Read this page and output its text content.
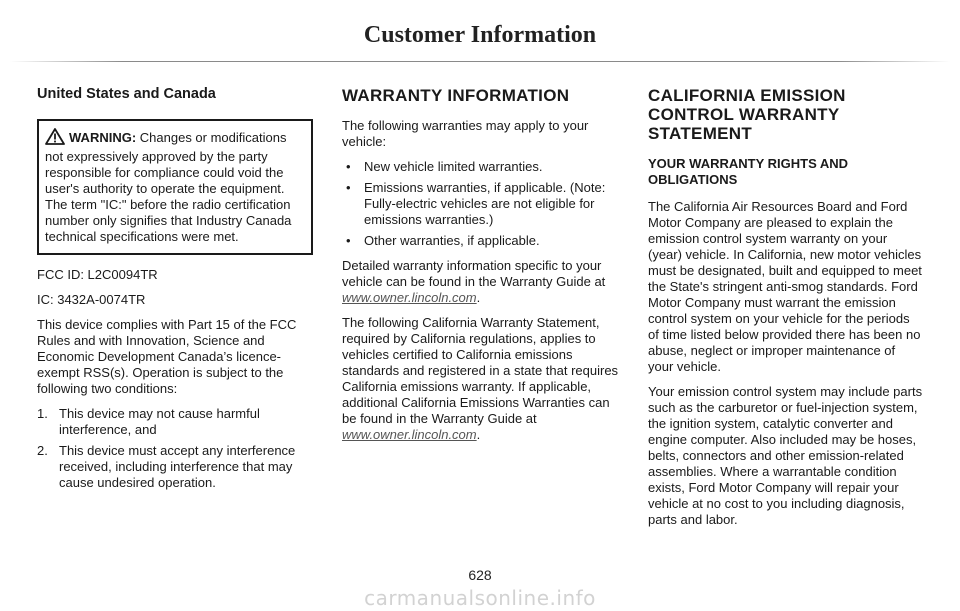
Customer Information
United States and Canada
WARNING: Changes or modifications not expressively approved by the party responsible for compliance could void the user's authority to operate the equipment. The term "IC:" before the radio certification number only signifies that Industry Canada technical specifications were met.

FCC ID: L2C0094TR

IC: 3432A-0074TR

This device complies with Part 15 of the FCC Rules and with Innovation, Science and Economic Development Canada’s licence-exempt RSS(s). Operation is subject to the following two conditions:

1. This device may not cause harmful interference, and
2. This device must accept any interference received, including interference that may cause undesired operation.
WARRANTY INFORMATION

The following warranties may apply to your vehicle:

• New vehicle limited warranties.
• Emissions warranties, if applicable. (Note: Fully-electric vehicles are not eligible for emissions warranties.)
• Other warranties, if applicable.

Detailed warranty information specific to your vehicle can be found in the Warranty Guide at www.owner.lincoln.com.

The following California Warranty Statement, required by California regulations, applies to vehicles certified to California emissions standards and registered in a state that requires California emissions warranty. If applicable, additional California Emissions Warranties can be found in the Warranty Guide at www.owner.lincoln.com.

CALIFORNIA EMISSION CONTROL WARRANTY STATEMENT
YOUR WARRANTY RIGHTS AND OBLIGATIONS

The California Air Resources Board and Ford Motor Company are pleased to explain the emission control system warranty on your (year) vehicle. In California, new motor vehicles must be designated, built and equipped to meet the State's stringent anti-smog standards. Ford Motor Company must warrant the emission control system on your vehicle for the periods of time listed below provided there has been no abuse, neglect or improper maintenance of your vehicle.

Your emission control system may include parts such as the carburetor or fuel-injection system, the ignition system, catalytic converter and engine computer. Also included may be hoses, belts, connectors and other emission-related assemblies. Where a warrantable condition exists, Ford Motor Company will repair your vehicle at no cost to you including diagnosis, parts and labor.

628
carmanualsonline.info
